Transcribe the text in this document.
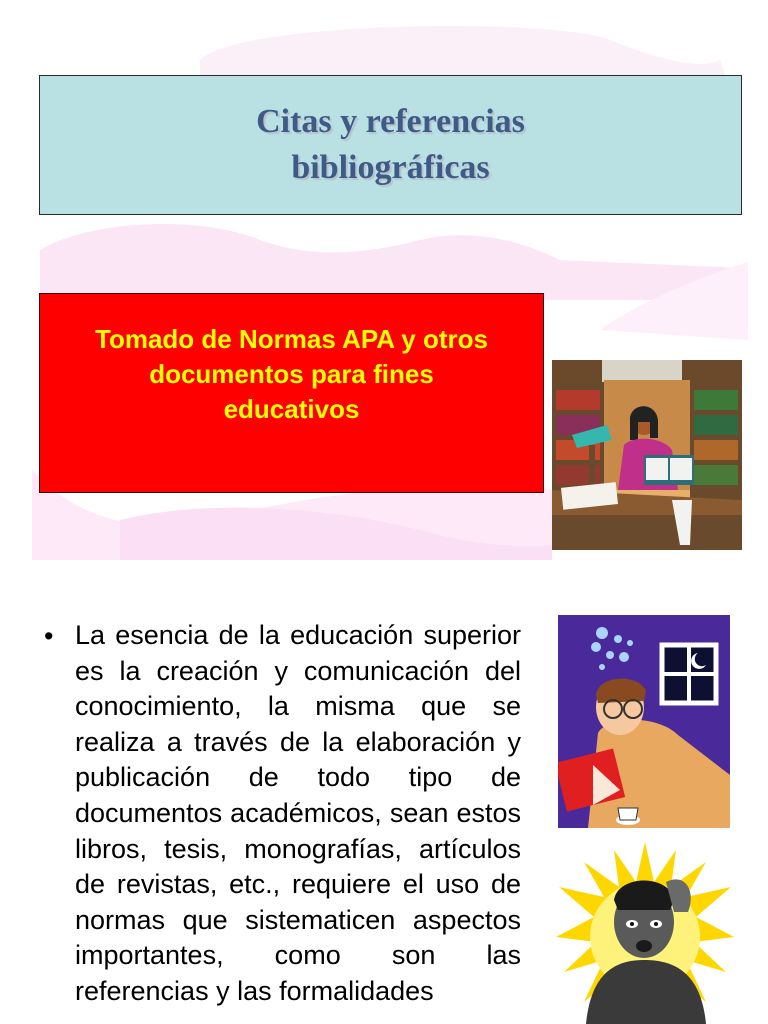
Citas y referencias
bibliográficas
Tomado de Normas APA y otros
documentos para fines
educativos
• La esencia de la educación superior es la creación y comunicación del conocimiento, la misma que se realiza a través de la elaboración y publicación de todo tipo de documentos académicos, sean estos libros, tesis, monografías, artículos de revistas, etc., requiere el uso de normas que sistematicen aspectos importantes, como son las referencias y las formalidades
